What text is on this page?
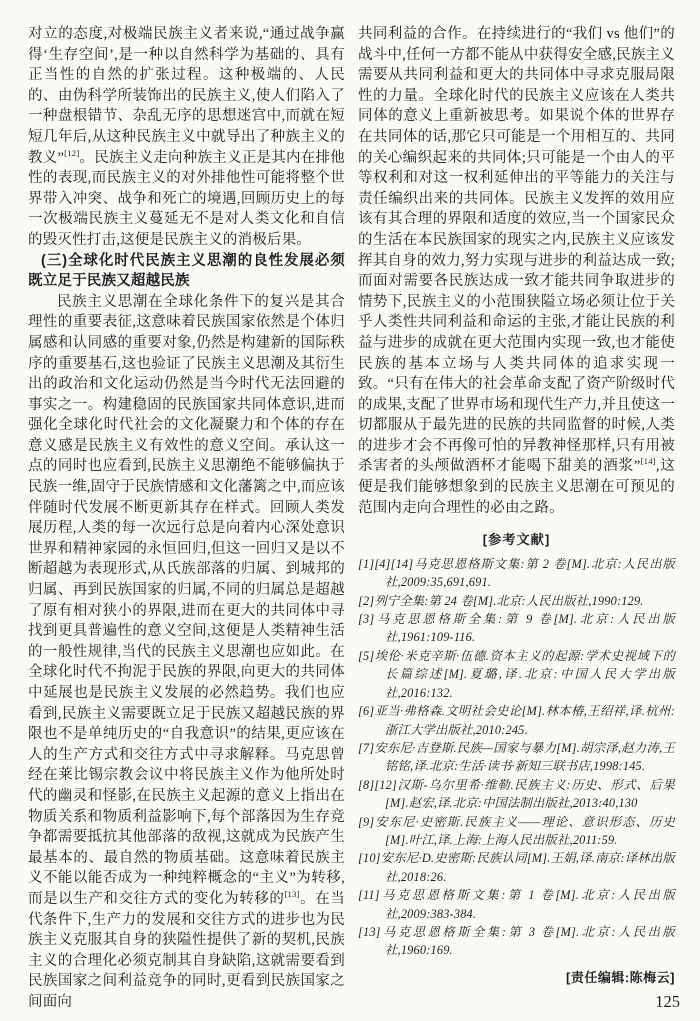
对立的态度,对极端民族主义者来说,“通过战争赢得‘生存空间’,是一种以自然科学为基础的、具有正当性的自然的扩张过程。这种极端的、人民的、由伪科学所装饰出的民族主义,使人们陷入了一种盘根错节、杂乱无序的思想迷宫中,而就在短短几年后,从这种民族主义中就导出了种族主义的教义”[12]。民族主义走向种族主义正是其内在排他性的表现,而民族主义的对外排他性可能将整个世界带入冲突、战争和死亡的境遇,回顾历史上的每一次极端民族主义蔓延无不是对人类文化和自信的毁灭性打击,这便是民族主义的消极后果。

(三)全球化时代民族主义思潮的良性发展必须既立足于民族又超越民族

民族主义思潮在全球化条件下的复兴是其合理性的重要表征,这意味着民族国家依然是个体归属感和认同感的重要对象,仍然是构建新的国际秩序的重要基石,这也验证了民族主义思潮及其衍生出的政治和文化运动仍然是当今时代无法回避的事实之一。构建稳固的民族国家共同体意识,进而强化全球化时代社会的文化凝聚力和个体的存在意义感是民族主义有效性的意义空间。承认这一点的同时也应看到,民族主义思潮绝不能够偏执于民族一维,固守于民族情感和文化藩篱之中,而应该伴随时代发展不断更新其存在样式。回顾人类发展历程,人类的每一次远行总是向着内心深处意识世界和精神家园的永恒回归,但这一回归又是以不断超越为表现形式,从氏族部落的归属、到城邦的归属、再到民族国家的归属,不同的归属总是超越了原有相对狭小的界限,进而在更大的共同体中寻找到更具普遍性的意义空间,这便是人类精神生活的一般性规律,当代的民族主义思潮也应如此。在全球化时代不拘泥于民族的界限,向更大的共同体中延展也是民族主义发展的必然趋势。我们也应看到,民族主义需要既立足于民族又超越民族的界限也不是单纯历史的“自我意识”的结果,更应该在人的生产方式和交往方式中寻求解释。马克思曾经在莱比锡宗教会议中将民族主义作为他所处时代的幽灵和怪影,在民族主义起源的意义上指出在物质关系和物质利益影响下,每个部落因为生存竞争都需要抵抗其他部落的敌视,这就成为民族产生最基本的、最自然的物质基础。这意味着民族主义不能以能否成为一种纯粹概念的“主义”为转移,而是以生产和交往方式的变化为转移的[13]。在当代条件下,生产力的发展和交往方式的进步也为民族主义克服其自身的狭隘性提供了新的契机,民族主义的合理化必须克制其自身缺陷,这就需要看到民族国家之间利益竞争的同时,更看到民族国家之间面向

共同利益的合作。在持续进行的“我们 vs 他们”的战斗中,任何一方都不能从中获得安全感,民族主义需要从共同利益和更大的共同体中寻求克服局限性的力量。全球化时代的民族主义应该在人类共同体的意义上重新被思考。如果说个体的世界存在共同体的话,那它只可能是一个用相互的、共同的关心编织起来的共同体;只可能是一个由人的平等权利和对这一权利延伸出的平等能力的关注与责任编织出来的共同体。民族主义发挥的效用应该有其合理的界限和适度的效应,当一个国家民众的生活在本民族国家的现实之内,民族主义应该发挥其自身的效力,努力实现与进步的利益达成一致;而面对需要各民族达成一致才能共同争取进步的情势下,民族主义的小范围狭隘立场必须让位于关乎人类性共同利益和命运的主张,才能让民族的利益与进步的成就在更大范围内实现一致,也才能使民族的基本立场与人类共同体的追求实现一致。“只有在伟大的社会革命支配了资产阶级时代的成果,支配了世界市场和现代生产力,并且使这一切都服从于最先进的民族的共同监督的时候,人类的进步才会不再像可怕的异教神怪那样,只有用被杀害者的头颅做酒杯才能喝下甜美的酒浆”[14],这便是我们能够想象到的民族主义思潮在可预见的范围内走向合理性的必由之路。

[参考文献]

[1][4][14]马克思恩格斯文集:第 2 卷[M].北京:人民出版社,2009:35,691,691.

[2]列宁全集:第 24 卷[M].北京:人民出版社,1990:129.

[3]马克思恩格斯全集:第 9 卷[M].北京:人民出版社,1961:109-116.

[5]埃伦·米克辛斯·伍德.资本主义的起源:学术史视域下的长篇综述[M].夏璐,译.北京:中国人民大学出版社,2016:132.

[6]亚当·弗格森.文明社会史论[M].林本椿,王绍祥,译.杭州:浙江大学出版社,2010:245.

[7]安东尼·吉登斯.民族—国家与暴力[M].胡宗泽,赵力涛,王铭铭,译.北京:生活·读书·新知三联书店,1998:145.

[8][12]汉斯-乌尔里希·维勒.民族主义:历史、形式、后果[M].赵宏,译.北京:中国法制出版社,2013:40,130

[9]安东尼·史密斯.民族主义——理论、意识形态、历史[M].叶江,译.上海:上海人民出版社,2011:59.

[10]安东尼·D.史密斯:民族认同[M].王娟,译.南京:译林出版社,2018:26.

[11]马克思恩格斯文集:第 1 卷[M].北京:人民出版社,2009:383-384.

[13]马克思恩格斯全集:第 3 卷[M].北京:人民出版社,1960:169.

[责任编辑:陈梅云]
125
